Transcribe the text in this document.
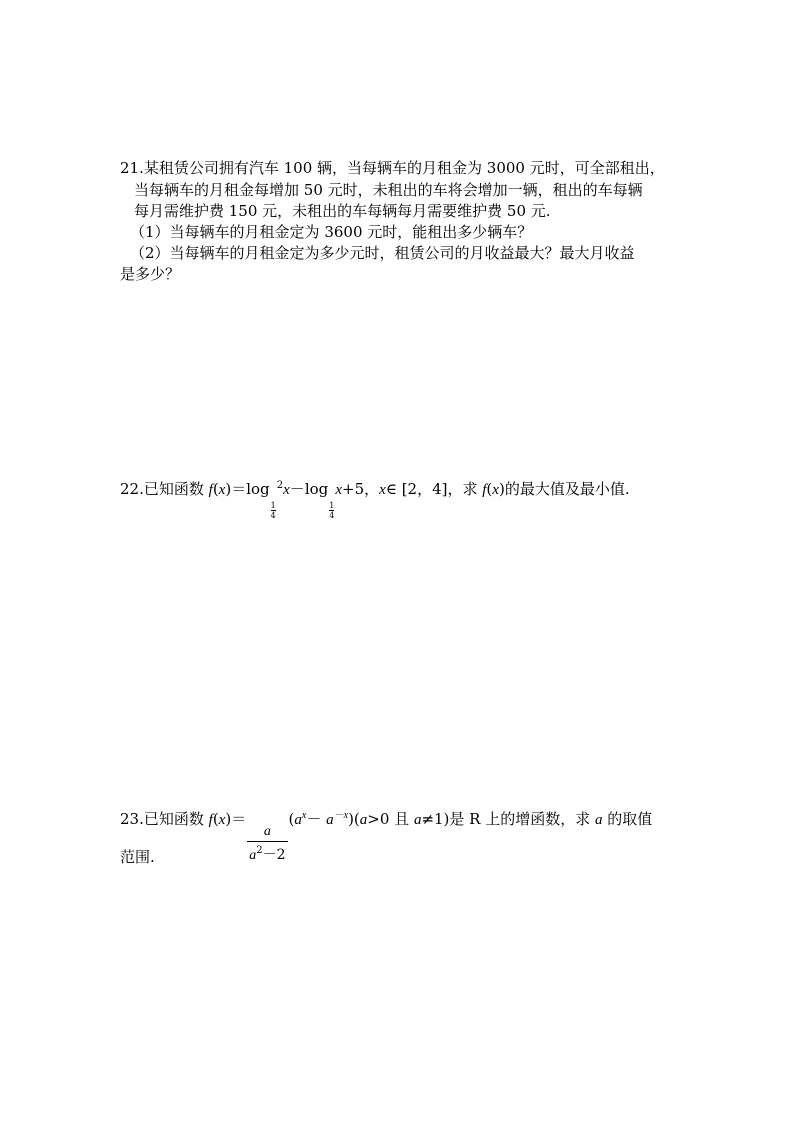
21.某租赁公司拥有汽车 100 辆，当每辆车的月租金为 3000 元时，可全部租出，
当每辆车的月租金每增加 50 元时，未租出的车将会增加一辆，租出的车每辆
每月需维护费 150 元，未租出的车每辆每月需要维护费 50 元.
（1）当每辆车的月租金定为 3600 元时，能租出多少辆车？
（2）当每辆车的月租金定为多少元时，租赁公司的月收益最大？最大月收益
是多少？
22.已知函数 f(x)＝log
$\frac{1}{4}$
$^2$x－log
$\frac{1}{4}$
x+5，x∈ [2，4]，求 f(x)的最大值及最小值.
23.已知函数 f(x)＝
$\frac{a}{a^2-2}$
$(a^x- a^{-x})(a>0$ 且 a≠1)是 R 上的增函数，求 a 的取值
范围.
